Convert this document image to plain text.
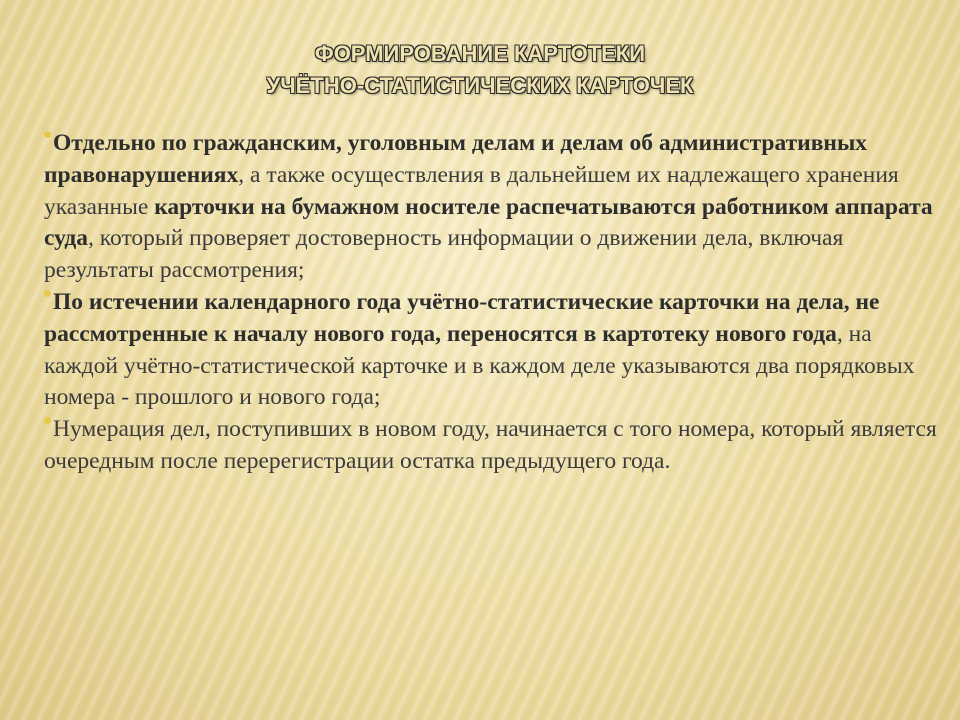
ФОРМИРОВАНИЕ КАРТОТЕКИ
УЧЁТНО-СТАТИСТИЧЕСКИХ КАРТОЧЕК

Отдельно по гражданским, уголовным делам и делам об административных правонарушениях, а также осуществления в дальнейшем их надлежащего хранения указанные карточки на бумажном носителе распечатываются работником аппарата суда, который проверяет достоверность информации о движении дела, включая результаты рассмотрения;

По истечении календарного года учётно-статистические карточки на дела, не рассмотренные к началу нового года, переносятся в картотеку нового года, на каждой учётно-статистической карточке и в каждом деле указываются два порядковых номера - прошлого и нового года;

Нумерация дел, поступивших в новом году, начинается с того номера, который является очередным после перерегистрации остатка предыдущего года.
